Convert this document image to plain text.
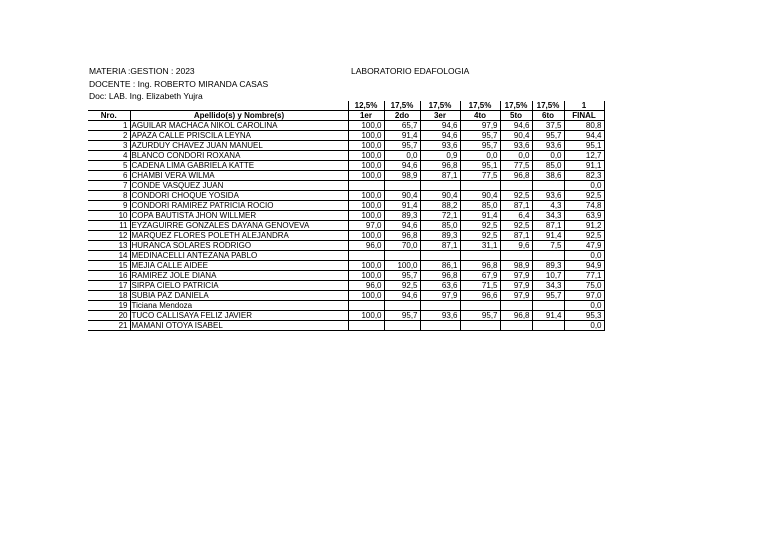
MATERIA :GESTION : 2023
DOCENTE : Ing. ROBERTO MIRANDA CASAS
Doc: LAB. Ing. Elizabeth Yujra
LABORATORIO EDAFOLOGIA
		12,5%	17,5%	17,5%	17,5%	17,5%	17,5%	1
Nro.	Apellido(s) y Nombre(s)	1er	2do	3er	4to	5to	6to	FINAL
1	AGUILAR MACHACA NIKOL CAROLINA	100,0	65,7	94,6	97,9	94,6	37,5	80,8
2	APAZA CALLE PRISCILA LEYNA	100,0	91,4	94,6	95,7	90,4	95,7	94,4
3	AZURDUY CHAVEZ JUAN MANUEL	100,0	95,7	93,6	95,7	93,6	93,6	95,1
4	BLANCO CONDORI ROXANA	100,0	0,0	0,9	0,0	0,0	0,0	12,7
5	CADENA LIMA GABRIELA KATTE	100,0	94,6	96,8	95,1	77,5	85,0	91,1
6	CHAMBI VERA WILMA	100,0	98,9	87,1	77,5	96,8	38,6	82,3
7	CONDE VASQUEZ JUAN							0,0
8	CONDORI CHOQUE YOSIDA	100,0	90,4	90,4	90,4	92,5	93,6	92,5
9	CONDORI RAMIREZ PATRICIA ROCIO	100,0	91,4	88,2	85,0	87,1	4,3	74,8
10	COPA BAUTISTA JHON WILLMER	100,0	89,3	72,1	91,4	6,4	34,3	63,9
11	EYZAGUIRRE GONZALES DAYANA GENOVEVA	97,0	94,6	85,0	92,5	92,5	87,1	91,2
12	MARQUEZ FLORES POLETH ALEJANDRA	100,0	96,8	89,3	92,5	87,1	91,4	92,5
13	HURANCA SOLARES RODRIGO	96,0	70,0	87,1	31,1	9,6	7,5	47,9
14	MEDINACELLI ANTEZANA PABLO							0,0
15	MEJIA CALLE AIDEE	100,0	100,0	86,1	96,8	98,9	89,3	94,9
16	RAMIREZ JOLE DIANA	100,0	95,7	96,8	67,9	97,9	10,7	77,1
17	SIRPA CIELO PATRICIA	96,0	92,5	63,6	71,5	97,9	34,3	75,0
18	SUBIA PAZ DANIELA	100,0	94,6	97,9	96,6	97,9	95,7	97,0
19	Ticiana Mendoza							0,0
20	TUCO CALLISAYA FELIZ JAVIER	100,0	95,7	93,6	95,7	96,8	91,4	95,3
21	MAMANI OTOYA ISABEL							0,0
